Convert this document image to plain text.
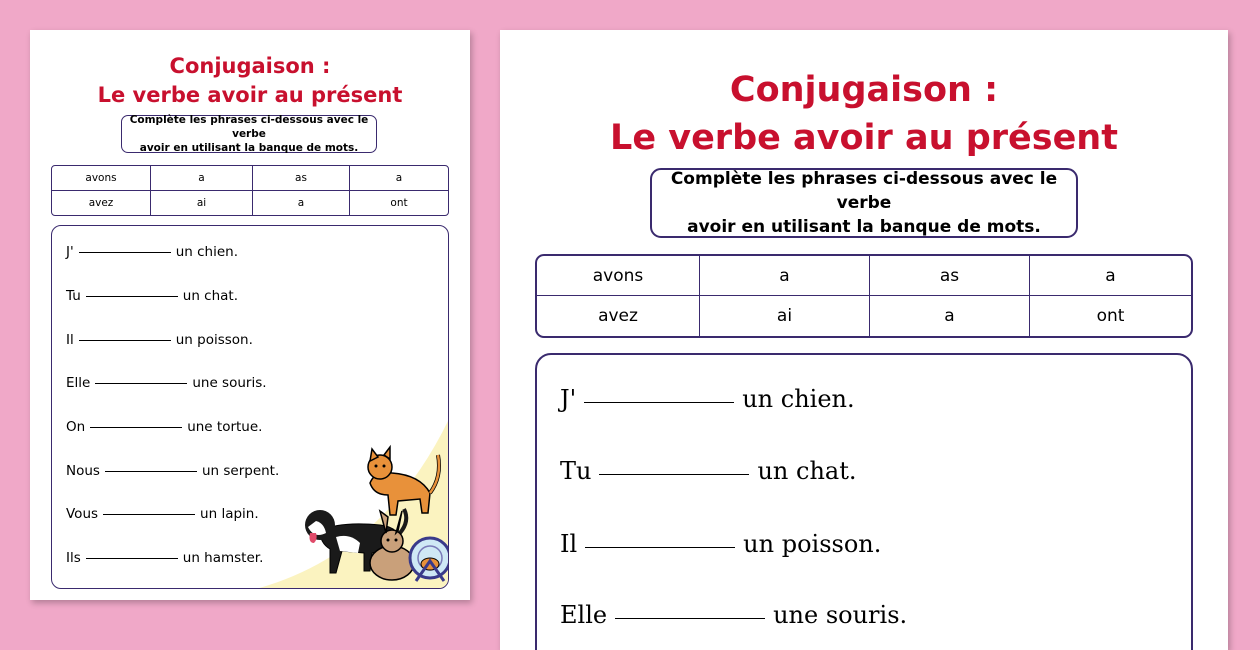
Conjugaison :
Le verbe avoir au présent
Complète les phrases ci-dessous avec le verbe
avoir en utilisant la banque de mots.
avons	a	as	a
avez	ai	a	ont
J'	un chien.
Tu	un chat.
Il	un poisson.
Elle	une souris.
On	une tortue.
Nous	un serpent.
Vous	un lapin.
Ils	un hamster.
Conjugaison :
Le verbe avoir au présent
Complète les phrases ci-dessous avec le verbe
avoir en utilisant la banque de mots.
avons	a	as	a
avez	ai	a	ont
J'	un chien.
Tu	un chat.
Il	un poisson.
Elle	une souris.
